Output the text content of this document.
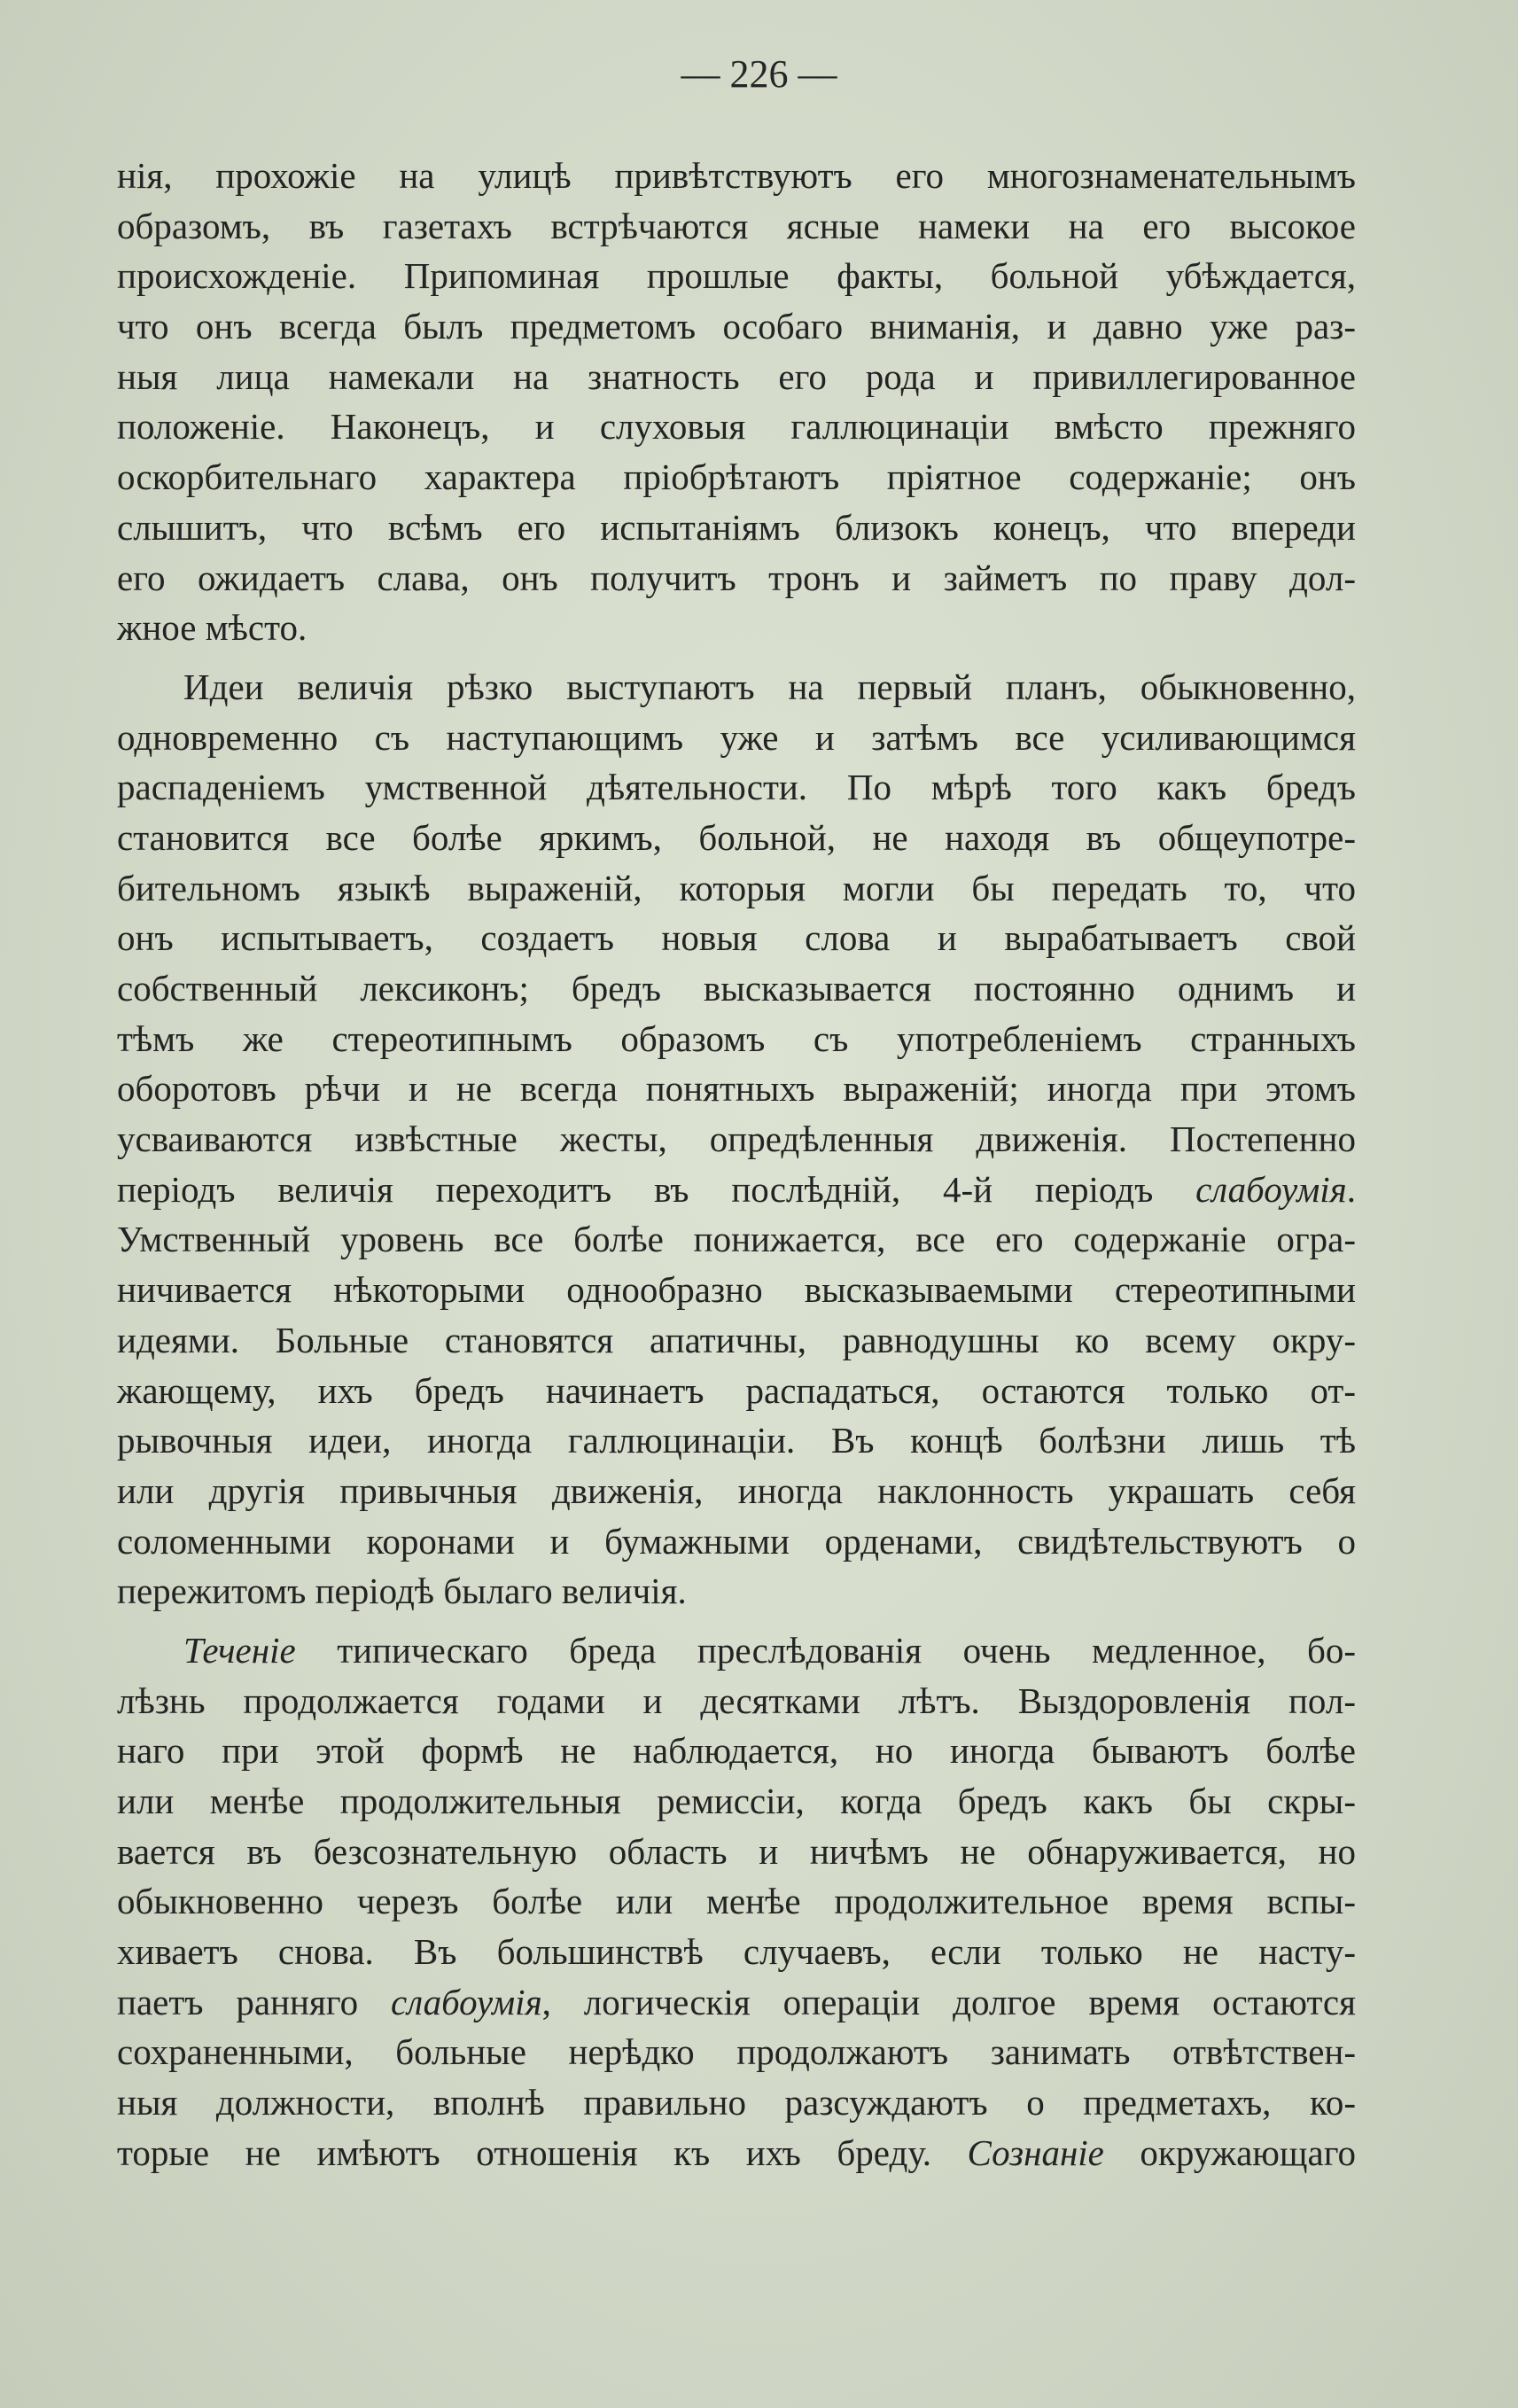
— 226 —
нія, прохожіе на улицѣ привѣтствуютъ его многознаменательнымъ
образомъ, въ газетахъ встрѣчаются ясные намеки на его высокое
происхожденіе. Припоминая прошлые факты, больной убѣждается,
что онъ всегда былъ предметомъ особаго вниманія, и давно уже раз-
ныя лица намекали на знатность его рода и привиллегированное
положеніе. Наконецъ, и слуховыя галлюцинаціи вмѣсто прежняго
оскорбительнаго характера пріобрѣтаютъ пріятное содержаніе; онъ
слышитъ, что всѣмъ его испытаніямъ близокъ конецъ, что впереди
его ожидаетъ слава, онъ получитъ тронъ и займетъ по праву дол-
жное мѣсто.
Идеи величія рѣзко выступаютъ на первый планъ, обыкновенно,
одновременно съ наступающимъ уже и затѣмъ все усиливающимся
распаденіемъ умственной дѣятельности. По мѣрѣ того какъ бредъ
становится все болѣе яркимъ, больной, не находя въ общеупотре-
бительномъ языкѣ выраженій, которыя могли бы передать то, что
онъ испытываетъ, создаетъ новыя слова и вырабатываетъ свой
собственный лексиконъ; бредъ высказывается постоянно однимъ и
тѣмъ же стереотипнымъ образомъ съ употребленіемъ странныхъ
оборотовъ рѣчи и не всегда понятныхъ выраженій; иногда при этомъ
усваиваются извѣстные жесты, опредѣленныя движенія. Постепенно
періодъ величія переходитъ въ послѣдній, 4-й періодъ слабоумія.
Умственный уровень все болѣе понижается, все его содержаніе огра-
ничивается нѣкоторыми однообразно высказываемыми стереотипными
идеями. Больные становятся апатичны, равнодушны ко всему окру-
жающему, ихъ бредъ начинаетъ распадаться, остаются только от-
рывочныя идеи, иногда галлюцинаціи. Въ концѣ болѣзни лишь тѣ
или другія привычныя движенія, иногда наклонность украшать себя
соломенными коронами и бумажными орденами, свидѣтельствуютъ о
пережитомъ періодѣ былаго величія.
Теченіе типическаго бреда преслѣдованія очень медленное, бо-
лѣзнь продолжается годами и десятками лѣтъ. Выздоровленія пол-
наго при этой формѣ не наблюдается, но иногда бываютъ болѣе
или менѣе продолжительныя ремиссіи, когда бредъ какъ бы скры-
вается въ безсознательную область и ничѣмъ не обнаруживается, но
обыкновенно черезъ болѣе или менѣе продолжительное время вспы-
хиваетъ снова. Въ большинствѣ случаевъ, если только не насту-
паетъ ранняго слабоумія, логическія операціи долгое время остаются
сохраненными, больные нерѣдко продолжаютъ занимать отвѣтствен-
ныя должности, вполнѣ правильно разсуждаютъ о предметахъ, ко-
торые не имѣютъ отношенія къ ихъ бреду. Сознаніе окружающаго
